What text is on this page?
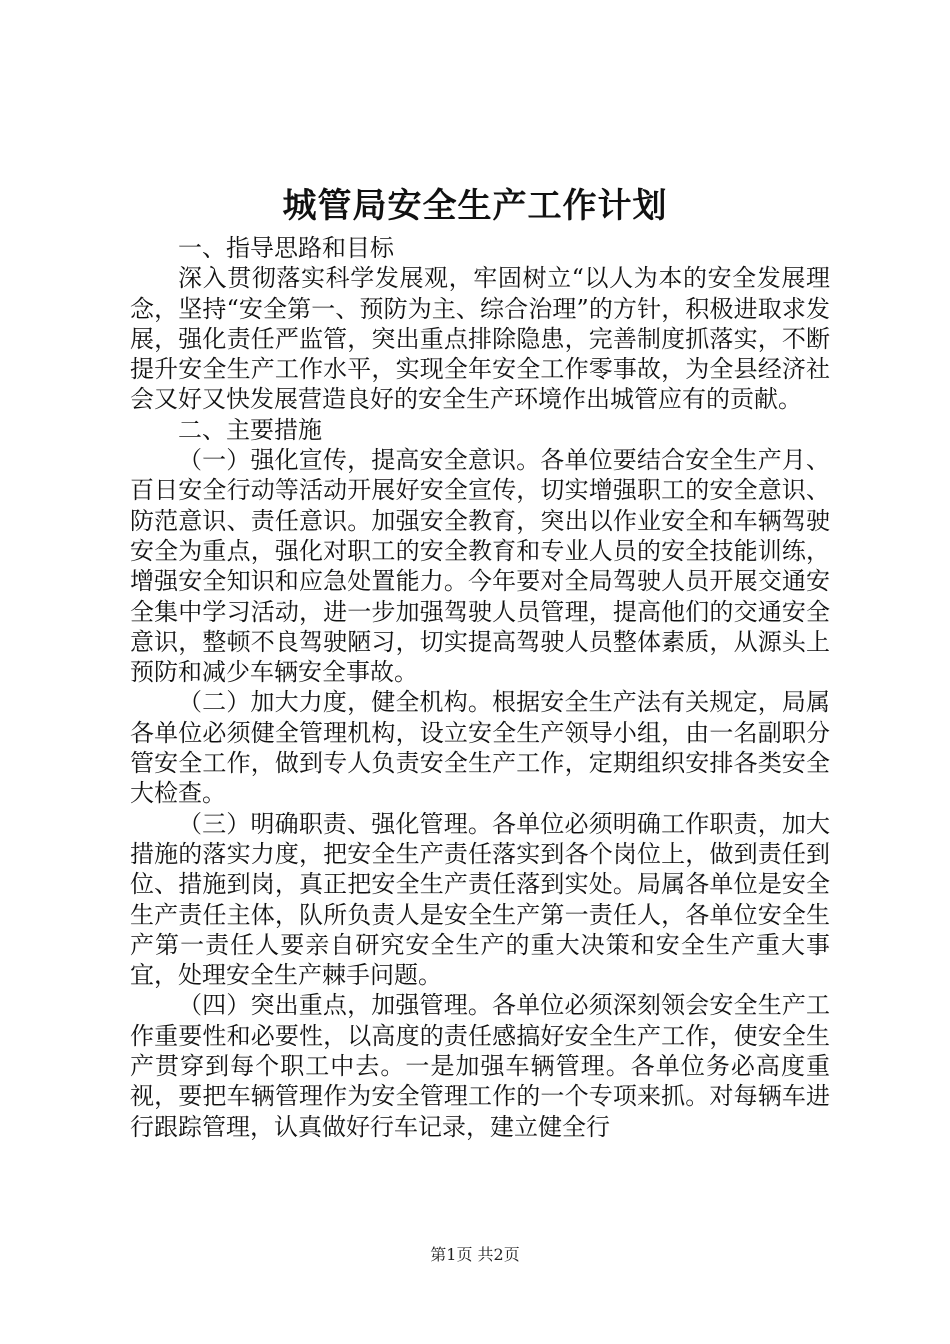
城管局安全生产工作计划

一、指导思路和目标

深入贯彻落实科学发展观，牢固树立“以人为本的安全发展理念，坚持“安全第一、预防为主、综合治理”的方针，积极进取求发展，强化责任严监管，突出重点排除隐患，完善制度抓落实，不断提升安全生产工作水平，实现全年安全工作零事故，为全县经济社会又好又快发展营造良好的安全生产环境作出城管应有的贡献。

二、主要措施

（一）强化宣传，提高安全意识。各单位要结合安全生产月、百日安全行动等活动开展好安全宣传，切实增强职工的安全意识、防范意识、责任意识。加强安全教育，突出以作业安全和车辆驾驶安全为重点，强化对职工的安全教育和专业人员的安全技能训练，增强安全知识和应急处置能力。今年要对全局驾驶人员开展交通安全集中学习活动，进一步加强驾驶人员管理，提高他们的交通安全意识，整顿不良驾驶陋习，切实提高驾驶人员整体素质，从源头上预防和减少车辆安全事故。

（二）加大力度，健全机构。根据安全生产法有关规定，局属各单位必须健全管理机构，设立安全生产领导小组，由一名副职分管安全工作，做到专人负责安全生产工作，定期组织安排各类安全大检查。

（三）明确职责、强化管理。各单位必须明确工作职责，加大措施的落实力度，把安全生产责任落实到各个岗位上，做到责任到位、措施到岗，真正把安全生产责任落到实处。局属各单位是安全生产责任主体，队所负责人是安全生产第一责任人，各单位安全生产第一责任人要亲自研究安全生产的重大决策和安全生产重大事宜，处理安全生产棘手问题。

（四）突出重点，加强管理。各单位必须深刻领会安全生产工作重要性和必要性，以高度的责任感搞好安全生产工作，使安全生产贯穿到每个职工中去。一是加强车辆管理。各单位务必高度重视，要把车辆管理作为安全管理工作的一个专项来抓。对每辆车进行跟踪管理，认真做好行车记录，建立健全行

第1页 共2页
